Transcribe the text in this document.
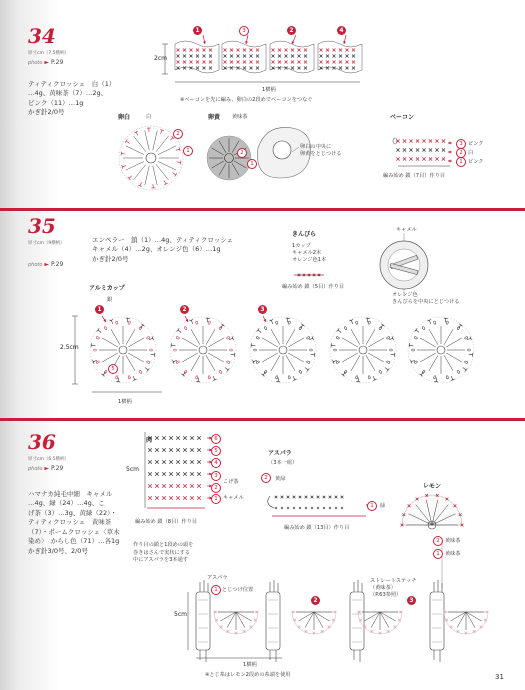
34
原寸cm（7.5横柄）
photo ► P.29
ティティクロッシェ　白（1）
…4g、黄味茶（7）…2g、
ピンク（11）…1g
かぎ針2/0号
1	3	2	4
2cm
1横柄
※ベーコンを先に編み、卵白の2段めでベーコンをつなぐ
卵白	白
2
1
卵黄 黄味茶
2
1
卵白の中央に
卵黄をとじつける
ベーコン
3	ピンク
2	白
1	ピンク
編み始め 鎖（7目）作り目
35
原寸cm（9横柄）
photo ► P.29
エンペラー　鎖（1）…4g、ティティクロッシェ
キャメル（4）…2g、オレンジ色（6）…1g
かぎ針2/0号
きんぴら
1カップ
キャメル2本
オレンジ色1本
編み始め 鎖（5目）作り目
キャメル
オレンジ色
きんぴらを中央にとじつける
アルミカップ
銀
1	2	3
2.5cm
1横柄
5
36
原寸cm（6.5横柄）
photo ► P.29
ハマナカ純毛中細　キャメル
…4g、緑（24）…4g、こ
げ茶（3）…3g、黄緑（22）・
ティティクロッシェ　黄味茶
（7）・ポームクロッシェ〈草木
染め〉　からし色（71）…各1g
かぎ針3/0号、2/0号
肉
5cm
6
5
4
3
2
こげ茶
1	キャメル
編み始め 鎖（8目）作り目
アスパラ
（3本一組）
2	黄緑
1	緑
編み始め 鎖（13目）作り目
レモン
2	黄味茶
1	黄味茶
作り目の鎖と1段めの頭を
巻きはさんで実状にする
中にアスパラを3本通す
アスパラ
1 とじつけ位置
2	3
ストレートステッチ
（黄味茶）
（P.63参照）
5cm
1横柄
※とじ糸はレモン2段めの糸端を使用	31
